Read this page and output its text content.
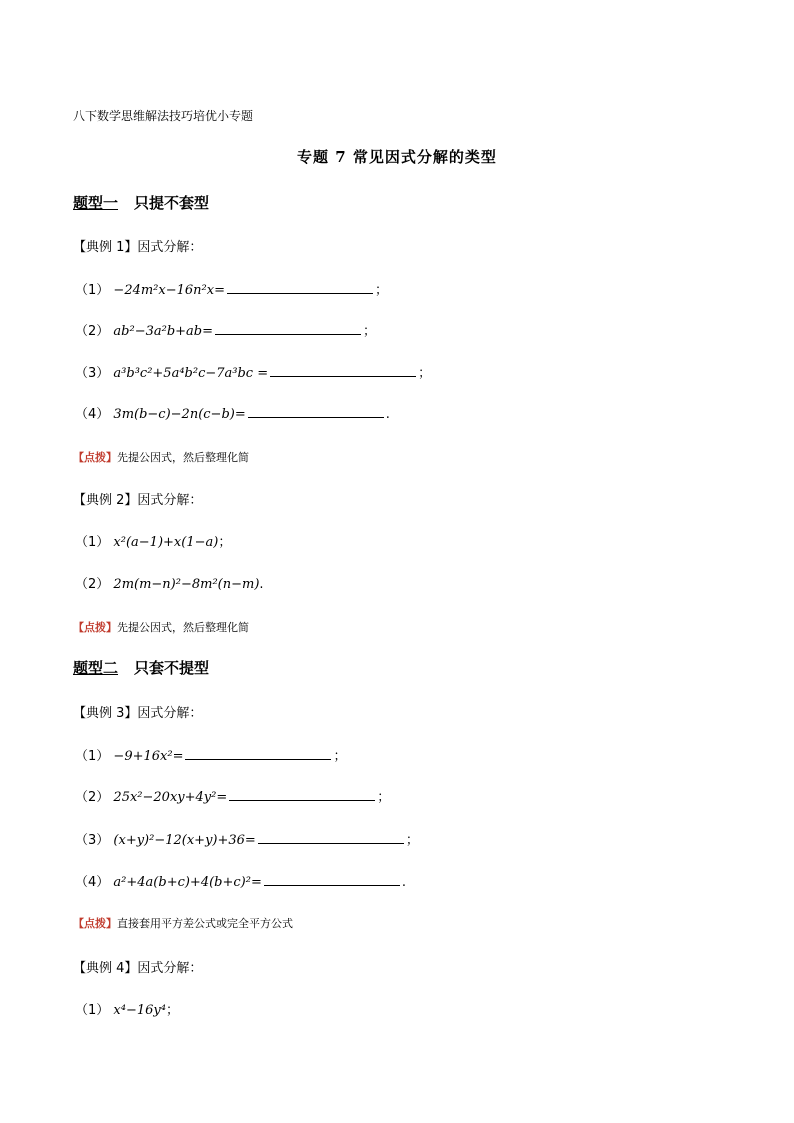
八下数学思维解法技巧培优小专题
专题 7 常见因式分解的类型
题型一 只提不套型
【典例 1】因式分解：
（1） −24m²x−16n²x=	；
（2） ab²−3a²b+ab=	；
（3） a³b³c²+5a⁴b²c−7a³bc =	；
（4） 3m(b−c)−2n(c−b)=	.
【点拨】先提公因式，然后整理化简
【典例 2】因式分解：
（1） x²(a−1)+x(1−a)；
（2） 2m(m−n)²−8m²(n−m).
【点拨】先提公因式，然后整理化简
题型二 只套不提型
【典例 3】因式分解：
（1） −9+16x²=	；
（2） 25x²−20xy+4y²=	；
（3） (x+y)²−12(x+y)+36=	；
（4） a²+4a(b+c)+4(b+c)²=	.
【点拨】直接套用平方差公式或完全平方公式
【典例 4】因式分解：
（1） x⁴−16y⁴；
